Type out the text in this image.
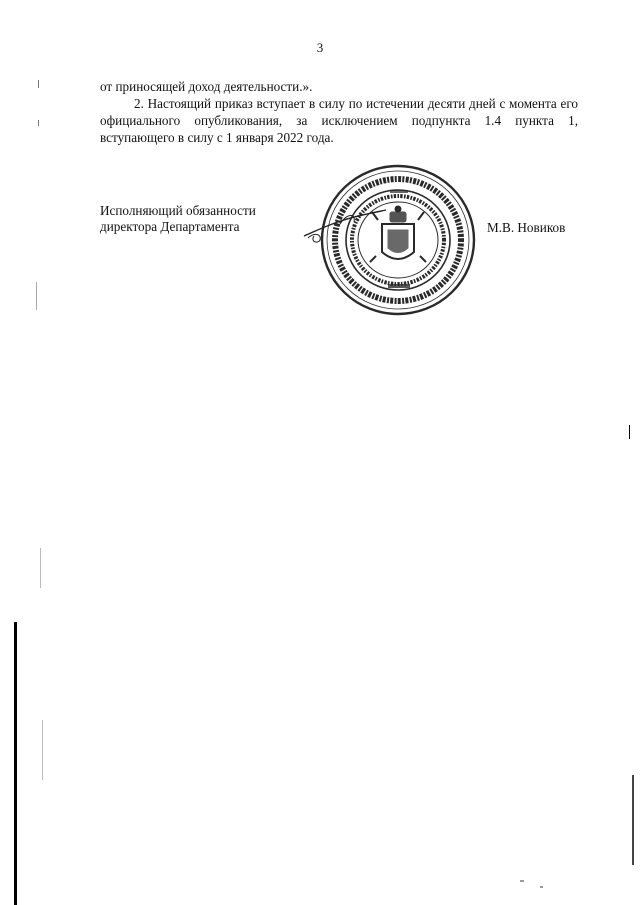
3

от приносящей доход деятельности.».

2. Настоящий приказ вступает в силу по истечении десяти дней с момента его официального опубликования, за исключением подпункта 1.4 пункта 1, вступающего в силу с 1 января 2022 года.

Исполняющий обязанности
директора Департамента	М.В. Новиков
